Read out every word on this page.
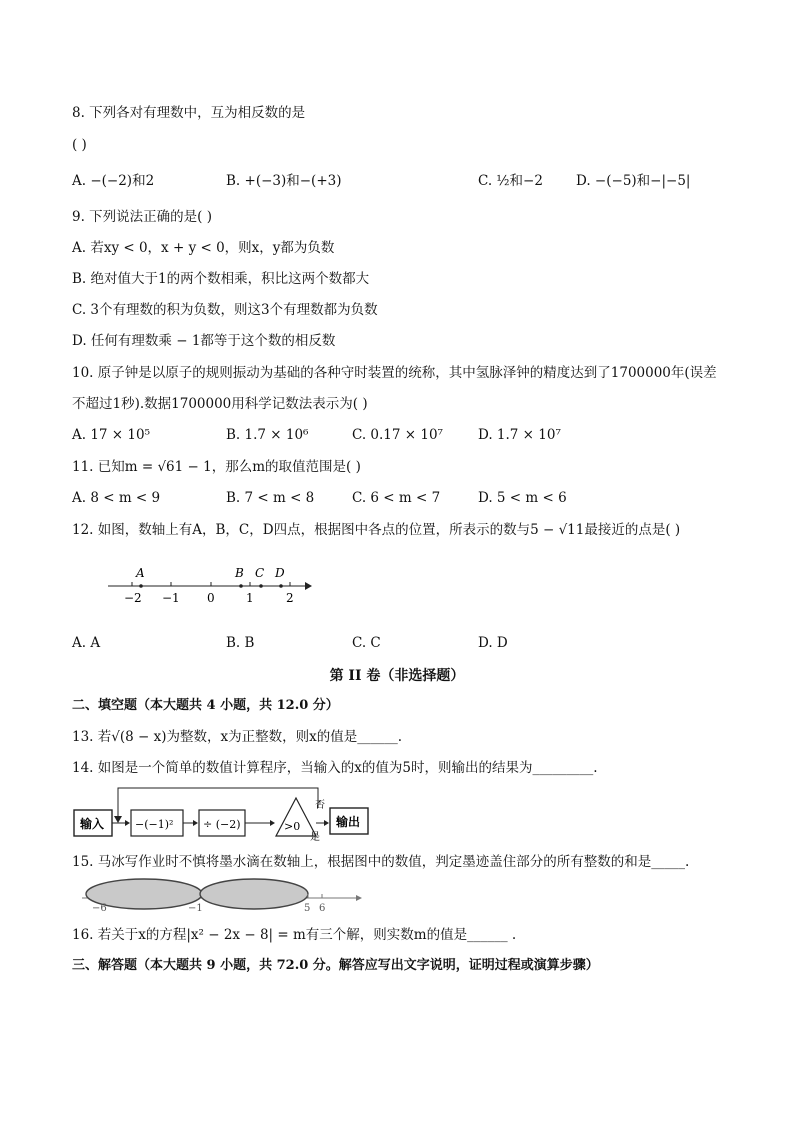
8. 下列各对有理数中，互为相反数的是
( )
A. −(−2)和2	B. +(−3)和−(+3)	C. ½和−2 D. −(−5)和−|−5|
9. 下列说法正确的是( )
A. 若xy < 0，x + y < 0，则x，y都为负数
B. 绝对值大于1的两个数相乘，积比这两个数都大
C. 3个有理数的积为负数，则这3个有理数都为负数
D. 任何有理数乘 − 1都等于这个数的相反数
10. 原子钟是以原子的规则振动为基础的各种守时装置的统称，其中氢脉泽钟的精度达到了1700000年(误差
不超过1秒).数据1700000用科学记数法表示为( )
A. 17 × 10⁵	B. 1.7 × 10⁶	C. 0.17 × 10⁷	D. 1.7 × 10⁷
11. 已知m = √61 − 1，那么m的取值范围是( )
A. 8 < m < 9	B. 7 < m < 8	C. 6 < m < 7	D. 5 < m < 6
12. 如图，数轴上有A，B，C，D四点，根据图中各点的位置，所表示的数与5 − √11最接近的点是( )
A	B C D
−2 −1 0	1	2
A. A	B. B	C. C	D. D
第 II 卷（非选择题）
二、填空题（本大题共 4 小题，共 12.0 分）
13. 若√(8 − x)为整数，x为正整数，则x的值是______.
14. 如图是一个简单的数值计算程序，当输入的x的值为5时，则输出的结果为_________.
输入	−(−1)²	÷ (−2)	>0
否
是
输出
15. 马冰写作业时不慎将墨水滴在数轴上，根据图中的数值，判定墨迹盖住部分的所有整数的和是_____.
−6	−1	5 6
16. 若关于x的方程|x² − 2x − 8| = m有三个解，则实数m的值是______ .
三、解答题（本大题共 9 小题，共 72.0 分。解答应写出文字说明，证明过程或演算步骤）
